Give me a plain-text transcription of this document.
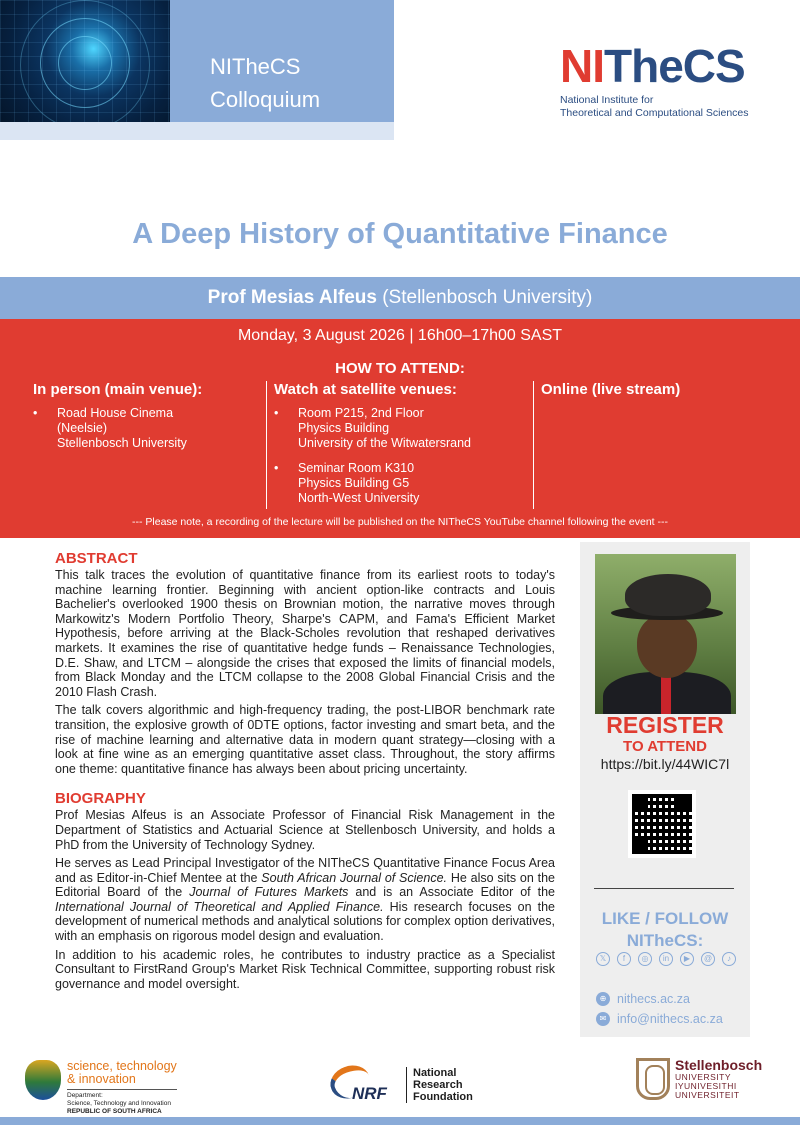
NITheCS
Colloquium
NITheCS
National Institute for
Theoretical and Computational Sciences
A Deep History of Quantitative Finance
Prof Mesias Alfeus (Stellenbosch University)
Monday, 3 August 2026 | 16h00–17h00 SAST
HOW TO ATTEND:
In person (main venue):
• Road House Cinema
(Neelsie)
Stellenbosch University
Watch at satellite venues:
• Room P215, 2nd Floor
Physics Building
University of the Witwatersrand
• Seminar Room K310
Physics Building G5
North-West University
Online (live stream)
--- Please note, a recording of the lecture will be published on the NITheCS YouTube channel following the event ---
ABSTRACT

This talk traces the evolution of quantitative finance from its earliest roots to today's machine learning frontier. Beginning with ancient option-like contracts and Louis Bachelier's overlooked 1900 thesis on Brownian motion, the narrative moves through Markowitz's Modern Portfolio Theory, Sharpe's CAPM, and Fama's Efficient Market Hypothesis, before arriving at the Black-Scholes revolution that reshaped derivatives markets. It examines the rise of quantitative hedge funds – Renaissance Technologies, D.E. Shaw, and LTCM – alongside the crises that exposed the limits of financial models, from Black Monday and the LTCM collapse to the 2008 Global Financial Crisis and the 2010 Flash Crash.

The talk covers algorithmic and high-frequency trading, the post-LIBOR benchmark rate transition, the explosive growth of 0DTE options, factor investing and smart beta, and the rise of machine learning and alternative data in modern quant strategy—closing with a look at fine wine as an emerging quantitative asset class. Throughout, the story affirms one theme: quantitative finance has always been about pricing uncertainty.

BIOGRAPHY

Prof Mesias Alfeus is an Associate Professor of Financial Risk Management in the Department of Statistics and Actuarial Science at Stellenbosch University, and holds a PhD from the University of Technology Sydney.

He serves as Lead Principal Investigator of the NITheCS Quantitative Finance Focus Area and as Editor-in-Chief Mentee at the South African Journal of Science. He also sits on the Editorial Board of the Journal of Futures Markets and is an Associate Editor of the International Journal of Theoretical and Applied Finance. His research focuses on the development of numerical methods and analytical solutions for complex option derivatives, with an emphasis on rigorous model design and evaluation.

In addition to his academic roles, he contributes to industry practice as a Specialist Consultant to FirstRand Group's Market Risk Technical Committee, supporting robust risk governance and model oversight.

REGISTER
TO ATTEND
https://bit.ly/44WIC7l
LIKE / FOLLOW
NITheCS:
𝕏	f	◎	in	▶	@	♪
⊕ nithecs.ac.za
✉ info@nithecs.ac.za
science, technology
& innovation
Department:
Science, Technology and Innovation
REPUBLIC OF SOUTH AFRICA
NRF
National
Research
Foundation
Stellenbosch
UNIVERSITY
IYUNIVESITHI
UNIVERSITEIT
